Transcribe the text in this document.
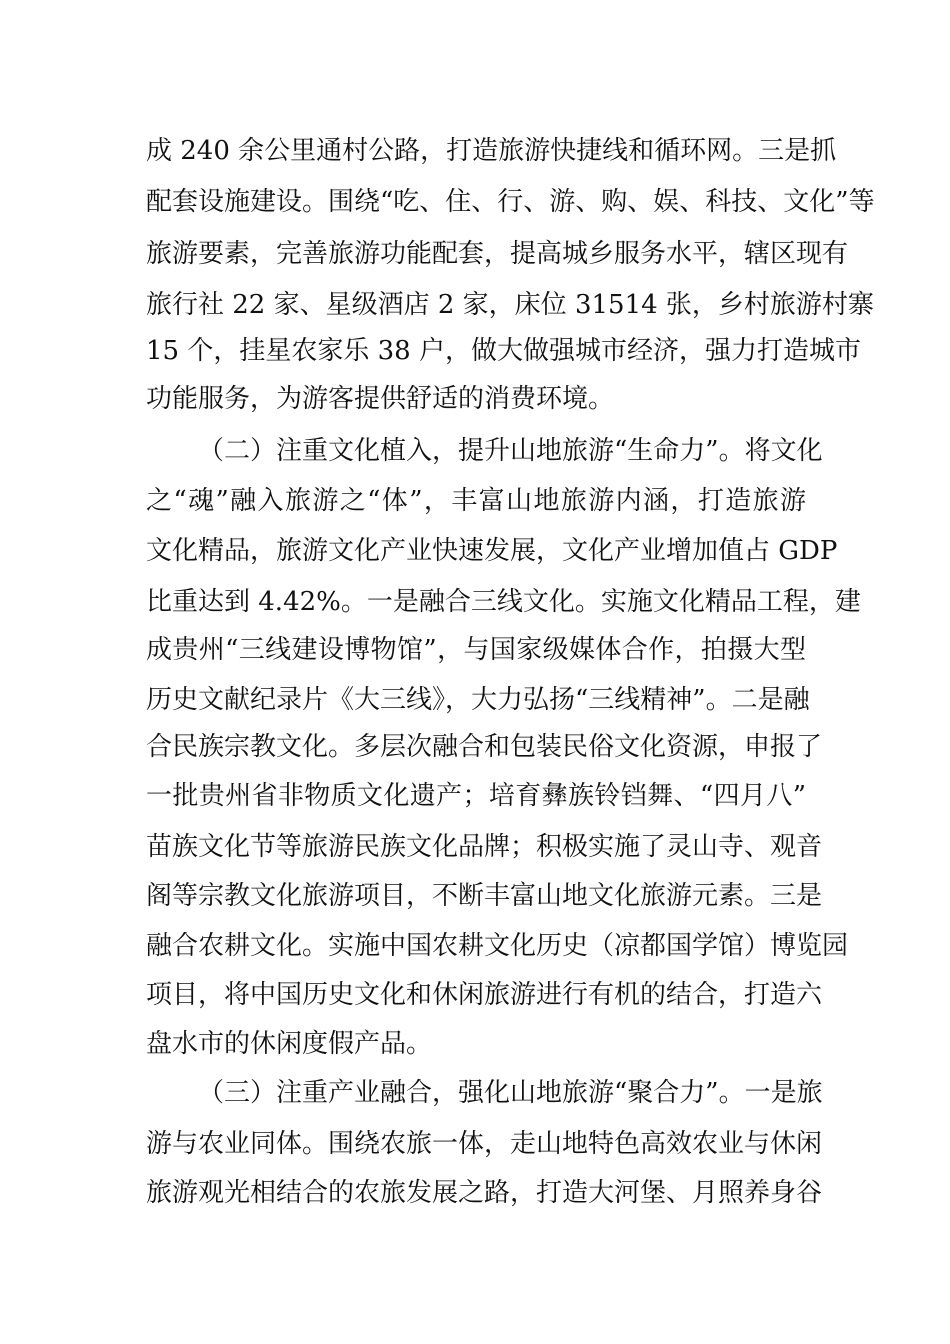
成 240 余公里通村公路，打造旅游快捷线和循环网。三是抓
配套设施建设。围绕“吃、住、行、游、购、娱、科技、文化”等
旅游要素，完善旅游功能配套，提高城乡服务水平，辖区现有
旅行社 22 家、星级酒店 2 家，床位 31514 张，乡村旅游村寨
15 个，挂星农家乐 38 户，做大做强城市经济，强力打造城市
功能服务，为游客提供舒适的消费环境。
（二）注重文化植入，提升山地旅游“生命力”。将文化
之“魂”融入旅游之“体”，丰富山地旅游内涵，打造旅游
文化精品，旅游文化产业快速发展，文化产业增加值占 GDP
比重达到 4.42%。一是融合三线文化。实施文化精品工程，建
成贵州“三线建设博物馆”，与国家级媒体合作，拍摄大型
历史文献纪录片《大三线》，大力弘扬“三线精神”。二是融
合民族宗教文化。多层次融合和包装民俗文化资源，申报了
一批贵州省非物质文化遗产；培育彝族铃铛舞、“四月八”
苗族文化节等旅游民族文化品牌；积极实施了灵山寺、观音
阁等宗教文化旅游项目，不断丰富山地文化旅游元素。三是
融合农耕文化。实施中国农耕文化历史（凉都国学馆）博览园
项目，将中国历史文化和休闲旅游进行有机的结合，打造六
盘水市的休闲度假产品。
（三）注重产业融合，强化山地旅游“聚合力”。一是旅
游与农业同体。围绕农旅一体，走山地特色高效农业与休闲
旅游观光相结合的农旅发展之路，打造大河堡、月照养身谷
